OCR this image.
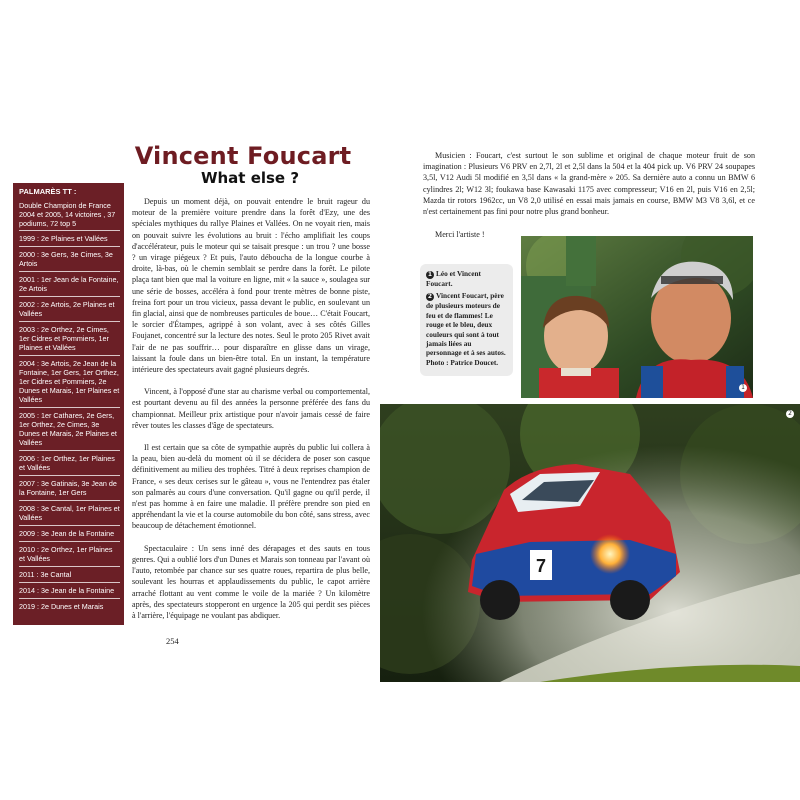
Vincent Foucart
What else ?
PALMARÈS TT :
Double Champion de France 2004 et 2005, 14 victoires , 37 podiums, 72 top 5
1999 : 2e Plaines et Vallées
2000 : 3e Gers, 3e Cimes, 3e Artois
2001 : 1er Jean de la Fontaine, 2e Artois
2002 : 2e Artois, 2e Plaines et Vallées
2003 : 2e Orthez, 2e Cimes, 1er Cidres et Pommiers, 1er Plaines et Vallées
2004 : 3e Artois, 2e Jean de la Fontaine, 1er Gers, 1er Orthez, 1er Cidres et Pommiers, 2e Dunes et Marais, 1er Plaines et Vallées
2005 : 1er Cathares, 2e Gers, 1er Orthez, 2e Cimes, 3e Dunes et Marais, 2e Plaines et Vallées
2006 : 1er Orthez, 1er Plaines et Vallées
2007 : 3e Gatinais, 3e Jean de la Fontaine, 1er Gers
2008 : 3e Cantal, 1er Plaines et Vallées
2009 : 3e Jean de la Fontaine
2010 : 2e Orthez, 1er Plaines et Vallées
2011 : 3e Cantal
2014 : 3e Jean de la Fontaine
2019 : 2e Dunes et Marais

Depuis un moment déjà, on pouvait entendre le bruit rageur du moteur de la première voiture prendre dans la forêt d'Ezy, une des spéciales mythiques du rallye Plaines et Vallées. On ne voyait rien, mais on pouvait suivre les évolutions au bruit : l'écho amplifiait les coups d'accélérateur, puis le moteur qui se taisait presque : un trou ? une bosse ? un virage piégeux ? Et puis, l'auto déboucha de la longue courbe à droite, là-bas, où le chemin semblait se perdre dans la forêt. Le pilote plaça tant bien que mal la voiture en ligne, mit « la sauce », soulagea sur une série de bosses, accéléra à fond pour trente mètres de bonne piste, freina fort pour un trou vicieux, passa devant le public, en soulevant un fin glacial, ainsi que de nombreuses particules de boue… C'était Foucart, le sorcier d'Étampes, agrippé à son volant, avec à ses côtés Gilles Foujanet, concentré sur la lecture des notes. Seul le proto 205 Rivet avait l'air de ne pas souffrir… pour disparaître en glisse dans un virage, laissant la foule dans un bien-être total. En un instant, la température intérieure des spectateurs avait gagné plusieurs degrés.

Vincent, à l'opposé d'une star au charisme verbal ou comportemental, est pourtant devenu au fil des années la personne préférée des fans du championnat. Meilleur prix artistique pour n'avoir jamais cessé de faire rêver toutes les classes d'âge de spectateurs.

Il est certain que sa côte de sympathie auprès du public lui collera à la peau, bien au-delà du moment où il se décidera de poser son casque définitivement au milieu des trophées. Titré à deux reprises champion de France, « ses deux cerises sur le gâteau », vous ne l'entendrez pas étaler son palmarès au cours d'une conversation. Qu'il gagne ou qu'il perde, il n'est pas homme à en faire une maladie. Il préfère prendre son pied en appréhendant la vie et la course automobile du bon côté, sans stress, avec beaucoup de détachement émotionnel.

Spectaculaire : Un sens inné des dérapages et des sauts en tous genres. Qui a oublié lors d'un Dunes et Marais son tonneau par l'avant où l'auto, retombée par chance sur ses quatre roues, repartira de plus belle, soulevant les hourras et applaudissements du public, le capot arrière arraché flottant au vent comme le voile de la mariée ? Un kilomètre après, des spectateurs stopperont en urgence la 205 qui perdit ses pièces à l'arrière, l'équipage ne voulant pas abdiquer.

Musicien : Foucart, c'est surtout le son sublime et original de chaque moteur fruit de son imagination : Plusieurs V6 PRV en 2,7l, 2l et 2,5l dans la 504 et la 404 pick up. V6 PRV 24 soupapes 3,5l, V12 Audi 5l modifié en 3,5l dans « la grand-mère » 205. Sa dernière auto a connu un BMW 6 cylindres 2l; W12 3l; foukawa base Kawasaki 1175 avec compresseur; V16 en 2l, puis V16 en 2,5l; Mazda tir rotors 1962cc, un V8 2,0 utilisé en essai mais jamais en course, BMW M3 V8 3,6l, et ce n'est certainement pas fini pour notre plus grand bonheur.

Merci l'artiste !

254
1
1 Léo et Vincent Foucart.
2 Vincent Foucart, père de plusieurs moteurs de feu et de flammes! Le rouge et le bleu, deux couleurs qui sont à tout jamais liées au personnage et à ses autos. Photo : Patrice Doucet.
7
2
